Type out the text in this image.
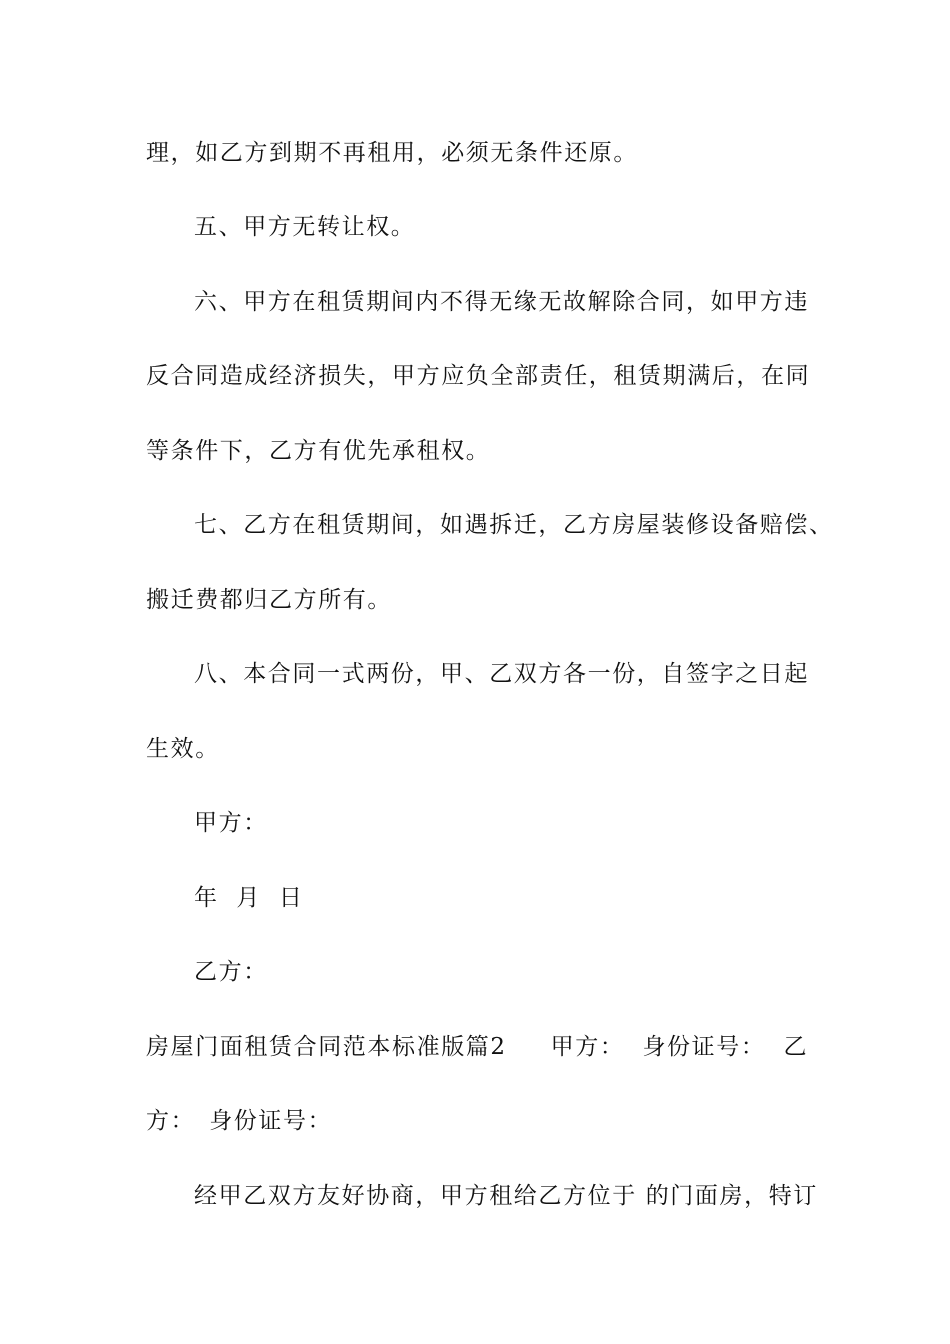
理，如乙方到期不再租用，必须无条件还原。
五、甲方无转让权。
六、甲方在租赁期间内不得无缘无故解除合同，如甲方违
反合同造成经济损失，甲方应负全部责任，租赁期满后，在同
等条件下，乙方有优先承租权。
七、乙方在租赁期间，如遇拆迁，乙方房屋装修设备赔偿、
搬迁费都归乙方所有。
八、本合同一式两份，甲、乙双方各一份，自签字之日起
生效。
甲方：
年  月  日
乙方：
房屋门面租赁合同范本标准版篇2 甲方： 身份证号： 乙
方： 身份证号：
经甲乙双方友好协商，甲方租给乙方位于 的门面房，特订
